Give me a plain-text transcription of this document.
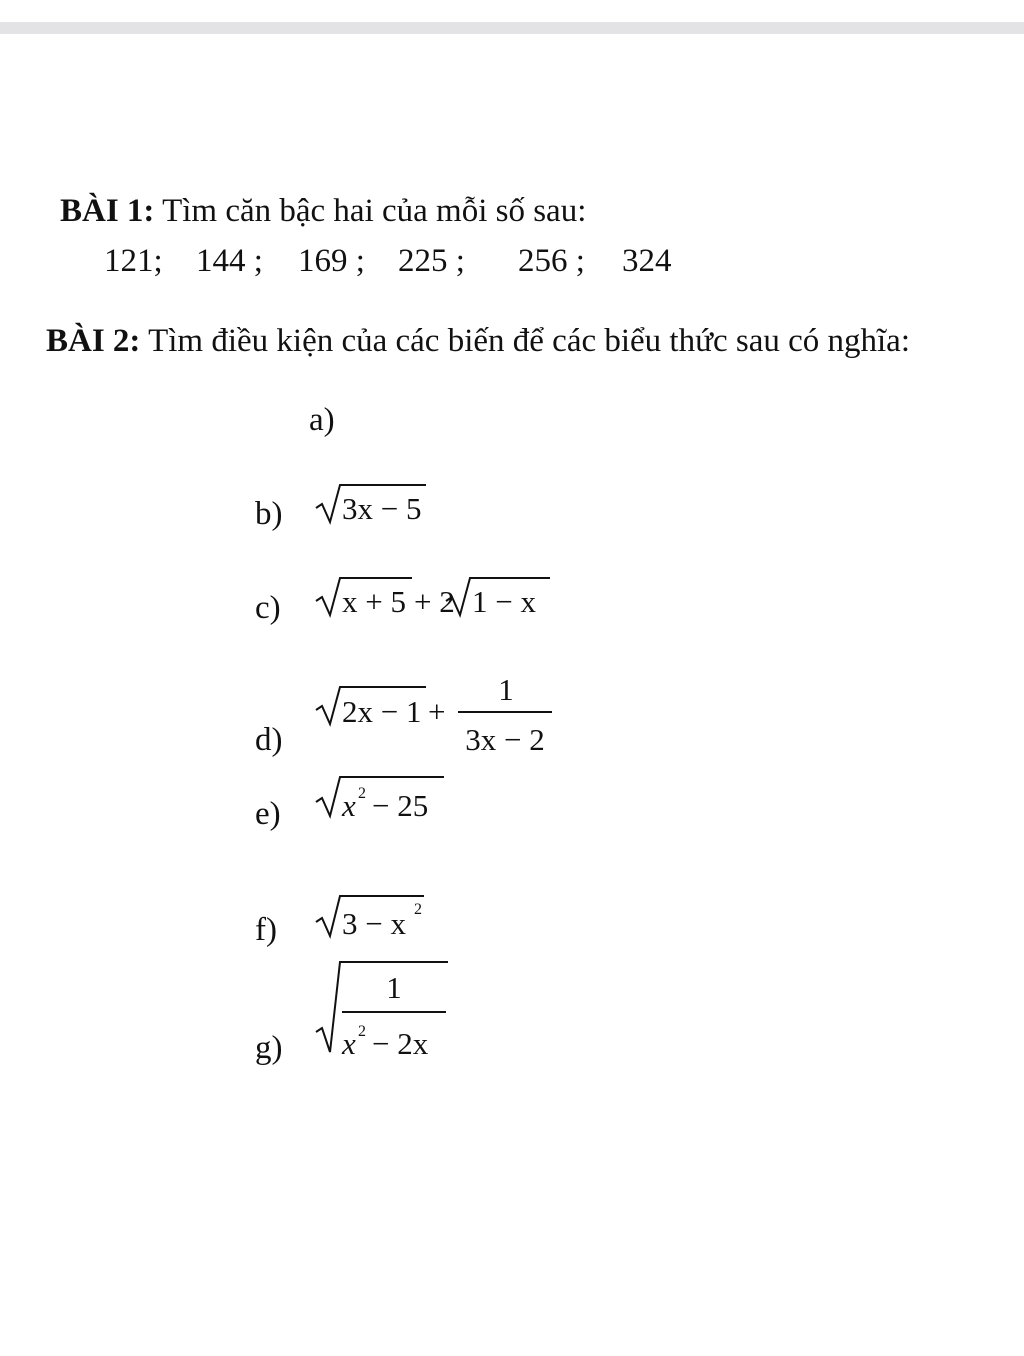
BÀI 1: Tìm căn bậc hai của mỗi số sau:
121; 144 ; 169 ; 225 ; 256 ; 324
BÀI 2: Tìm điều kiện của các biến để các biểu thức sau có nghĩa:
a)
b) 3x − 5
c) x + 5 + 2 1 − x
d)
2x − 1 +
1
3x − 2
e) x 2 − 25
f) 3 − x 2
g)
1
x 2 − 2x
